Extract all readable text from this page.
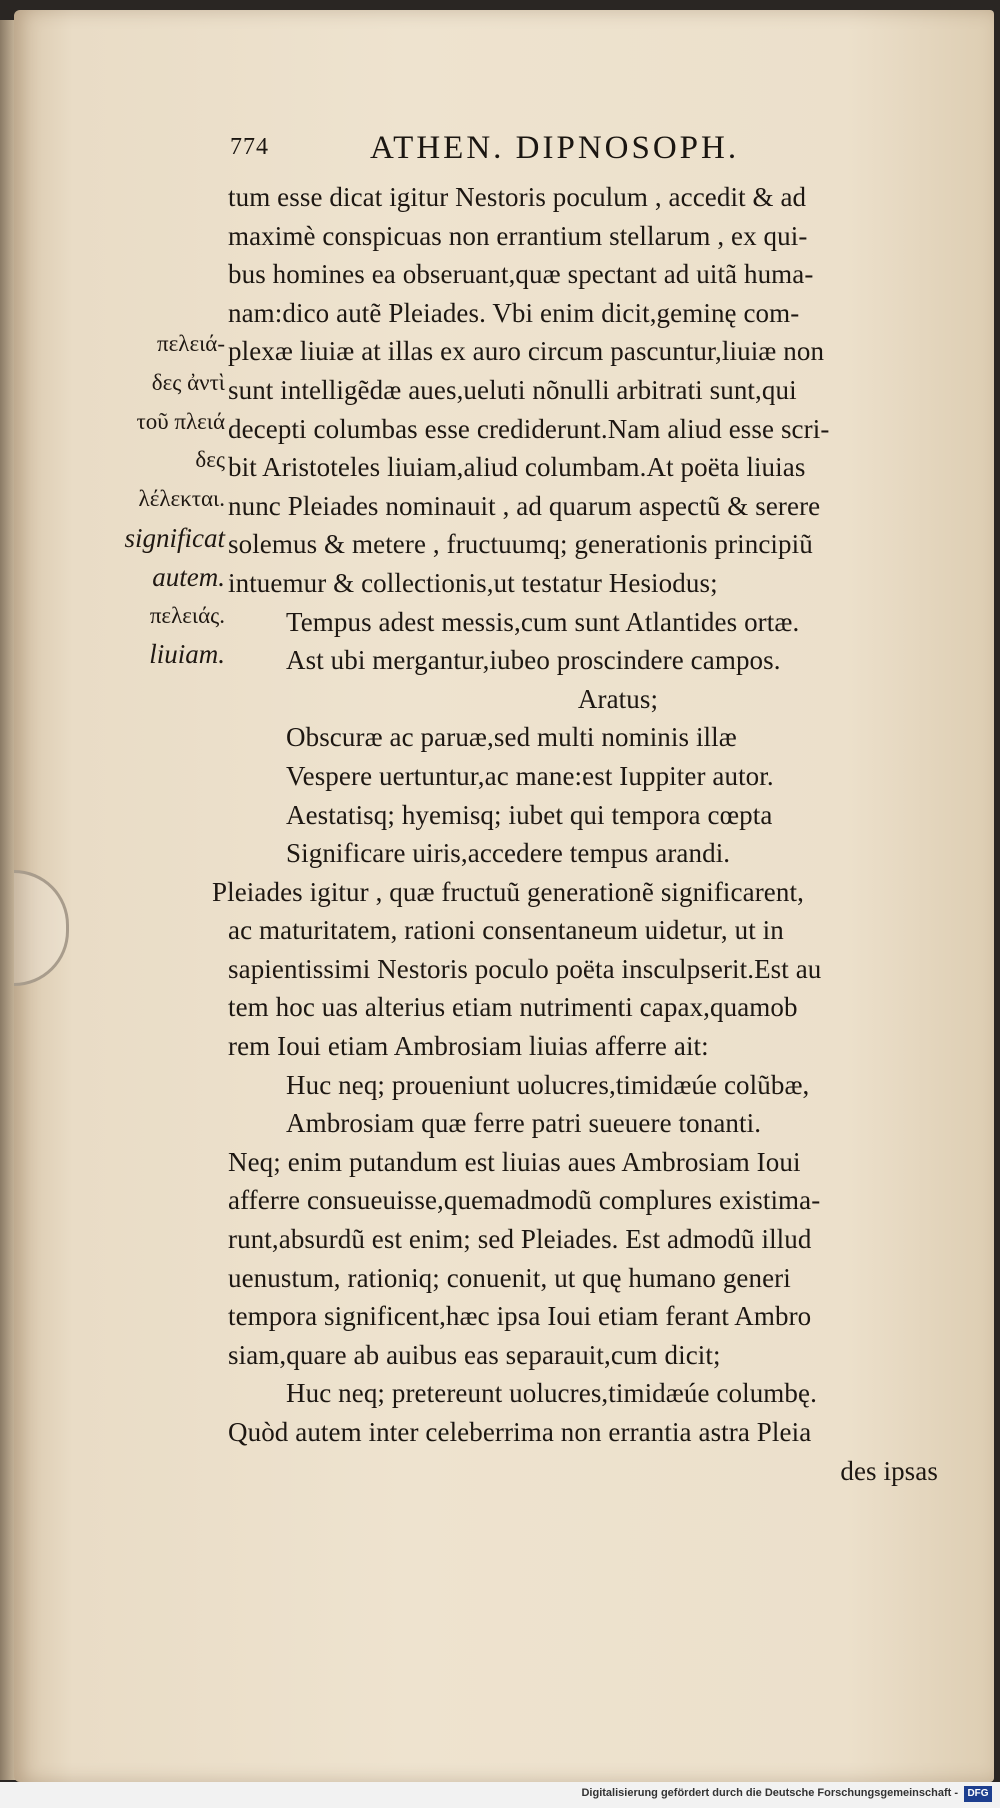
774	ATHEN. DIPNOSOPH.
πελειά-
δες ἀντὶ
τοῦ πλειά
δες
λέλεκται.
significat
autem.
πελειάς.
liuiam.
tum esse dicat igitur Nestoris poculum , accedit & ad
maximè conspicuas non errantium stellarum , ex qui-
bus homines ea obseruant,quæ spectant ad uitã huma-
nam:dico autẽ Pleiades. Vbi enim dicit,geminę com-
plexæ liuiæ at illas ex auro circum pascuntur,liuiæ non
sunt intelligẽdæ aues,ueluti nõnulli arbitrati sunt,qui
decepti columbas esse crediderunt.Nam aliud esse scri-
bit Aristoteles liuiam,aliud columbam.At poëta liuias
nunc Pleiades nominauit , ad quarum aspectũ & serere
solemus & metere , fructuumq; generationis principiũ
intuemur & collectionis,ut testatur Hesiodus;
Tempus adest messis,cum sunt Atlantides ortæ.
Ast ubi mergantur,iubeo proscindere campos.
Aratus;
Obscuræ ac paruæ,sed multi nominis illæ
Vespere uertuntur,ac mane:est Iuppiter autor.
Aestatisq; hyemisq; iubet qui tempora cœpta
Significare uiris,accedere tempus arandi.
Pleiades igitur , quæ fructuũ generationẽ significarent,
ac maturitatem, rationi consentaneum uidetur, ut in
sapientissimi Nestoris poculo poëta insculpserit.Est au
tem hoc uas alterius etiam nutrimenti capax,quamob
rem Ioui etiam Ambrosiam liuias afferre ait:
Huc neq; proueniunt uolucres,timidæúe colũbæ,
Ambrosiam quæ ferre patri sueuere tonanti.
Neq; enim putandum est liuias aues Ambrosiam Ioui
afferre consueuisse,quemadmodũ complures existima-
runt,absurdũ est enim; sed Pleiades. Est admodũ illud
uenustum, rationiq; conuenit, ut quę humano generi
tempora significent,hæc ipsa Ioui etiam ferant Ambro
siam,quare ab auibus eas separauit,cum dicit;
Huc neq; pretereunt uolucres,timidæúe columbę.
Quòd autem inter celeberrima non errantia astra Pleia
des ipsas
Digitalisierung gefördert durch die Deutsche Forschungsgemeinschaft - DFG
